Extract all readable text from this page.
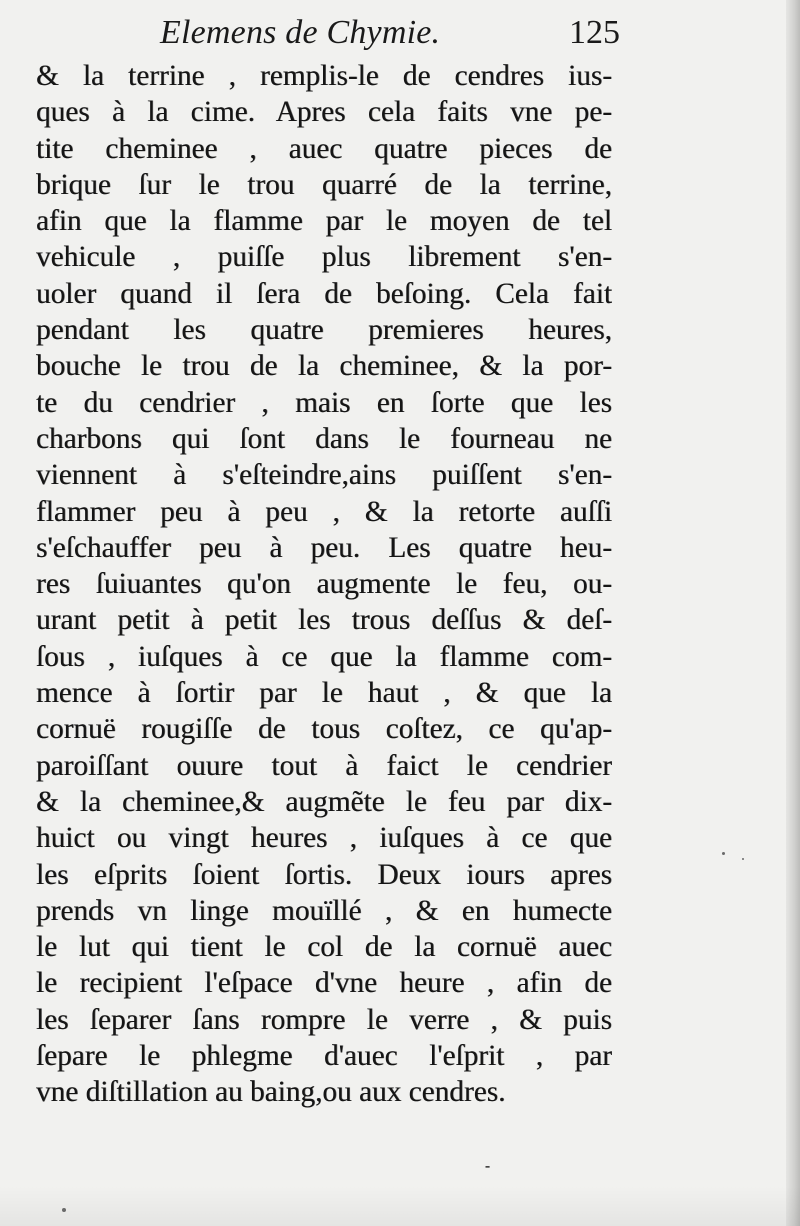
Elemens de Chymie.	125
& la terrine , remplis-le de cendres ius-
ques à la cime. Apres cela faits vne pe-
tite cheminee , auec quatre pieces de
brique ſur le trou quarré de la terrine,
afin que la flamme par le moyen de tel
vehicule , puiſſe plus librement s'en-
uoler quand il ſera de beſoing. Cela fait
pendant les quatre premieres heures,
bouche le trou de la cheminee, & la por-
te du cendrier , mais en ſorte que les
charbons qui ſont dans le fourneau ne
viennent à s'eſteindre,ains puiſſent s'en-
flammer peu à peu , & la retorte auſſi
s'eſchauffer peu à peu. Les quatre heu-
res ſuiuantes qu'on augmente le feu, ou-
urant petit à petit les trous deſſus & deſ-
ſous , iuſques à ce que la flamme com-
mence à ſortir par le haut , & que la
cornuë rougiſſe de tous coſtez, ce qu'ap-
paroiſſant ouure tout à faict le cendrier
& la cheminee,& augmẽte le feu par dix-
huict ou vingt heures , iuſques à ce que
les eſprits ſoient ſortis. Deux iours apres
prends vn linge mouïllé , & en humecte
le lut qui tient le col de la cornuë auec
le recipient l'eſpace d'vne heure , afin de
les ſeparer ſans rompre le verre , & puis
ſepare le phlegme d'auec l'eſprit , par
vne diſtillation au baing,ou aux cendres.
⁃
